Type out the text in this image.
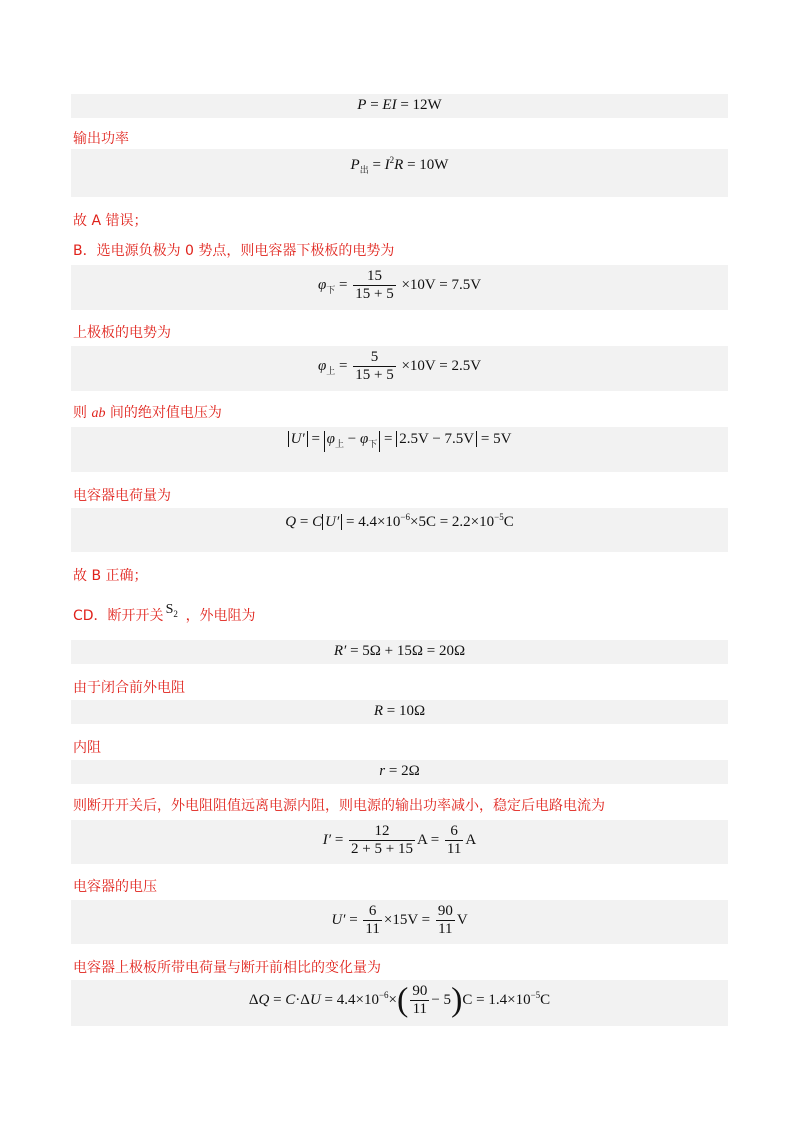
P = EI = 12W
输出功率
$P_出 = I^2R = 10W$
故 A 错误；
B．选电源负极为 0 势点，则电容器下极板的电势为
$\varphi_下 = \frac{15}{15 + 5} \times 10V = 7.5V$
上极板的电势为
$\varphi_上 = \frac{5}{15 + 5} \times 10V = 2.5V$
则 ab 间的绝对值电压为
$U' = \varphi_上 - \varphi_下 = 2.5V - 7.5V = 5V$
电容器电荷量为
Q = C $U' = 4.4\times 10^{-6}\times 5C = 2.2\times 10^{-5}C$
故 B 正确；
CD．断开开关 $S_2$ ，外电阻为
R′ = 5Ω + 15Ω = 20Ω
由于闭合前外电阻
R = 10Ω
内阻
r = 2Ω
则断开开关后，外电阻阻值远离电源内阻，则电源的输出功率减小，稳定后电路电流为
$I' = \frac{12}{2 + 5 + 15}$ $A = \frac{6}{11}$ A
电容器的电压
$U' = \frac{6}{11} \times 15V = \frac{90}{11}$ V
电容器上极板所带电荷量与断开前相比的变化量为
$\Delta Q = C\cdot\Delta U = 4.4\times 10^{-6}\times( \frac{90}{11} - 5)C = 1.4\times 10^{-5}C$
